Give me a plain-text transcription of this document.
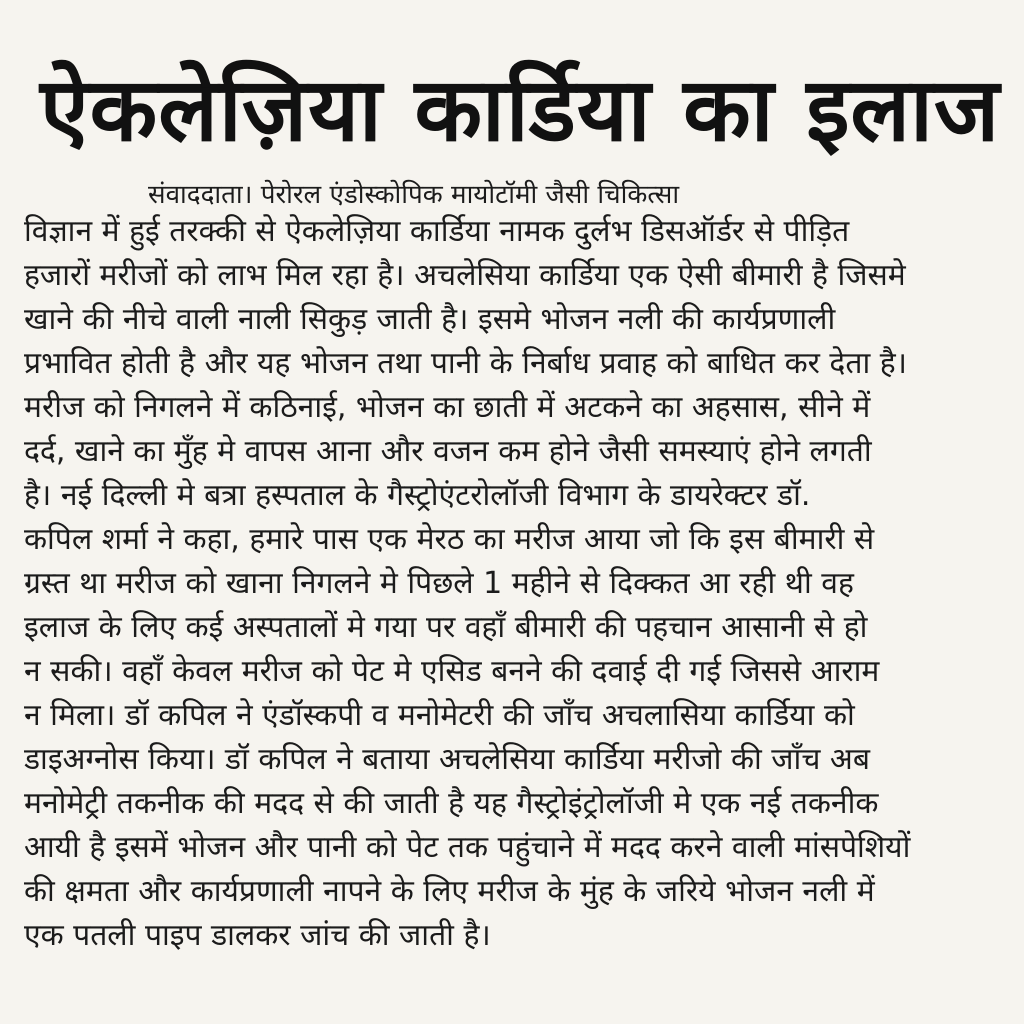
ऐकलेज़िया कार्डिया का इलाज
संवाददाता। पेरोरल एंडोस्कोपिक मायोटॉमी जैसी चिकित्सा
विज्ञान में हुई तरक्की से ऐकलेज़िया कार्डिया नामक दुर्लभ डिसऑर्डर से पीड़ित
हजारों मरीजों को लाभ मिल रहा है। अचलेसिया कार्डिया एक ऐसी बीमारी है जिसमे
खाने की नीचे वाली नाली सिकुड़ जाती है। इसमे भोजन नली की कार्यप्रणाली
प्रभावित होती है और यह भोजन तथा पानी के निर्बाध प्रवाह को बाधित कर देता है।
मरीज को निगलने में कठिनाई, भोजन का छाती में अटकने का अहसास, सीने में
दर्द, खाने का मुँह मे वापस आना और वजन कम होने जैसी समस्याएं होने लगती
है। नई दिल्ली मे बत्रा हस्पताल के गैस्ट्रोएंटरोलॉजी विभाग के डायरेक्टर डॉ.
कपिल शर्मा ने कहा, हमारे पास एक मेरठ का मरीज आया जो कि इस बीमारी से
ग्रस्त था मरीज को खाना निगलने मे पिछले 1 महीने से दिक्कत आ रही थी वह
इलाज के लिए कई अस्पतालों मे गया पर वहाँ बीमारी की पहचान आसानी से हो
न सकी। वहाँ केवल मरीज को पेट मे एसिड बनने की दवाई दी गई जिससे आराम
न मिला। डॉ कपिल ने एंडॉस्कपी व मनोमेटरी की जाँच अचलासिया कार्डिया को
डाइअग्नोस किया। डॉ कपिल ने बताया अचलेसिया कार्डिया मरीजो की जाँच अब
मनोमेट्री तकनीक की मदद से की जाती है यह गैस्ट्रोइंट्रोलॉजी मे एक नई तकनीक
आयी है इसमें भोजन और पानी को पेट तक पहुंचाने में मदद करने वाली मांसपेशियों
की क्षमता और कार्यप्रणाली नापने के लिए मरीज के मुंह के जरिये भोजन नली में
एक पतली पाइप डालकर जांच की जाती है।
